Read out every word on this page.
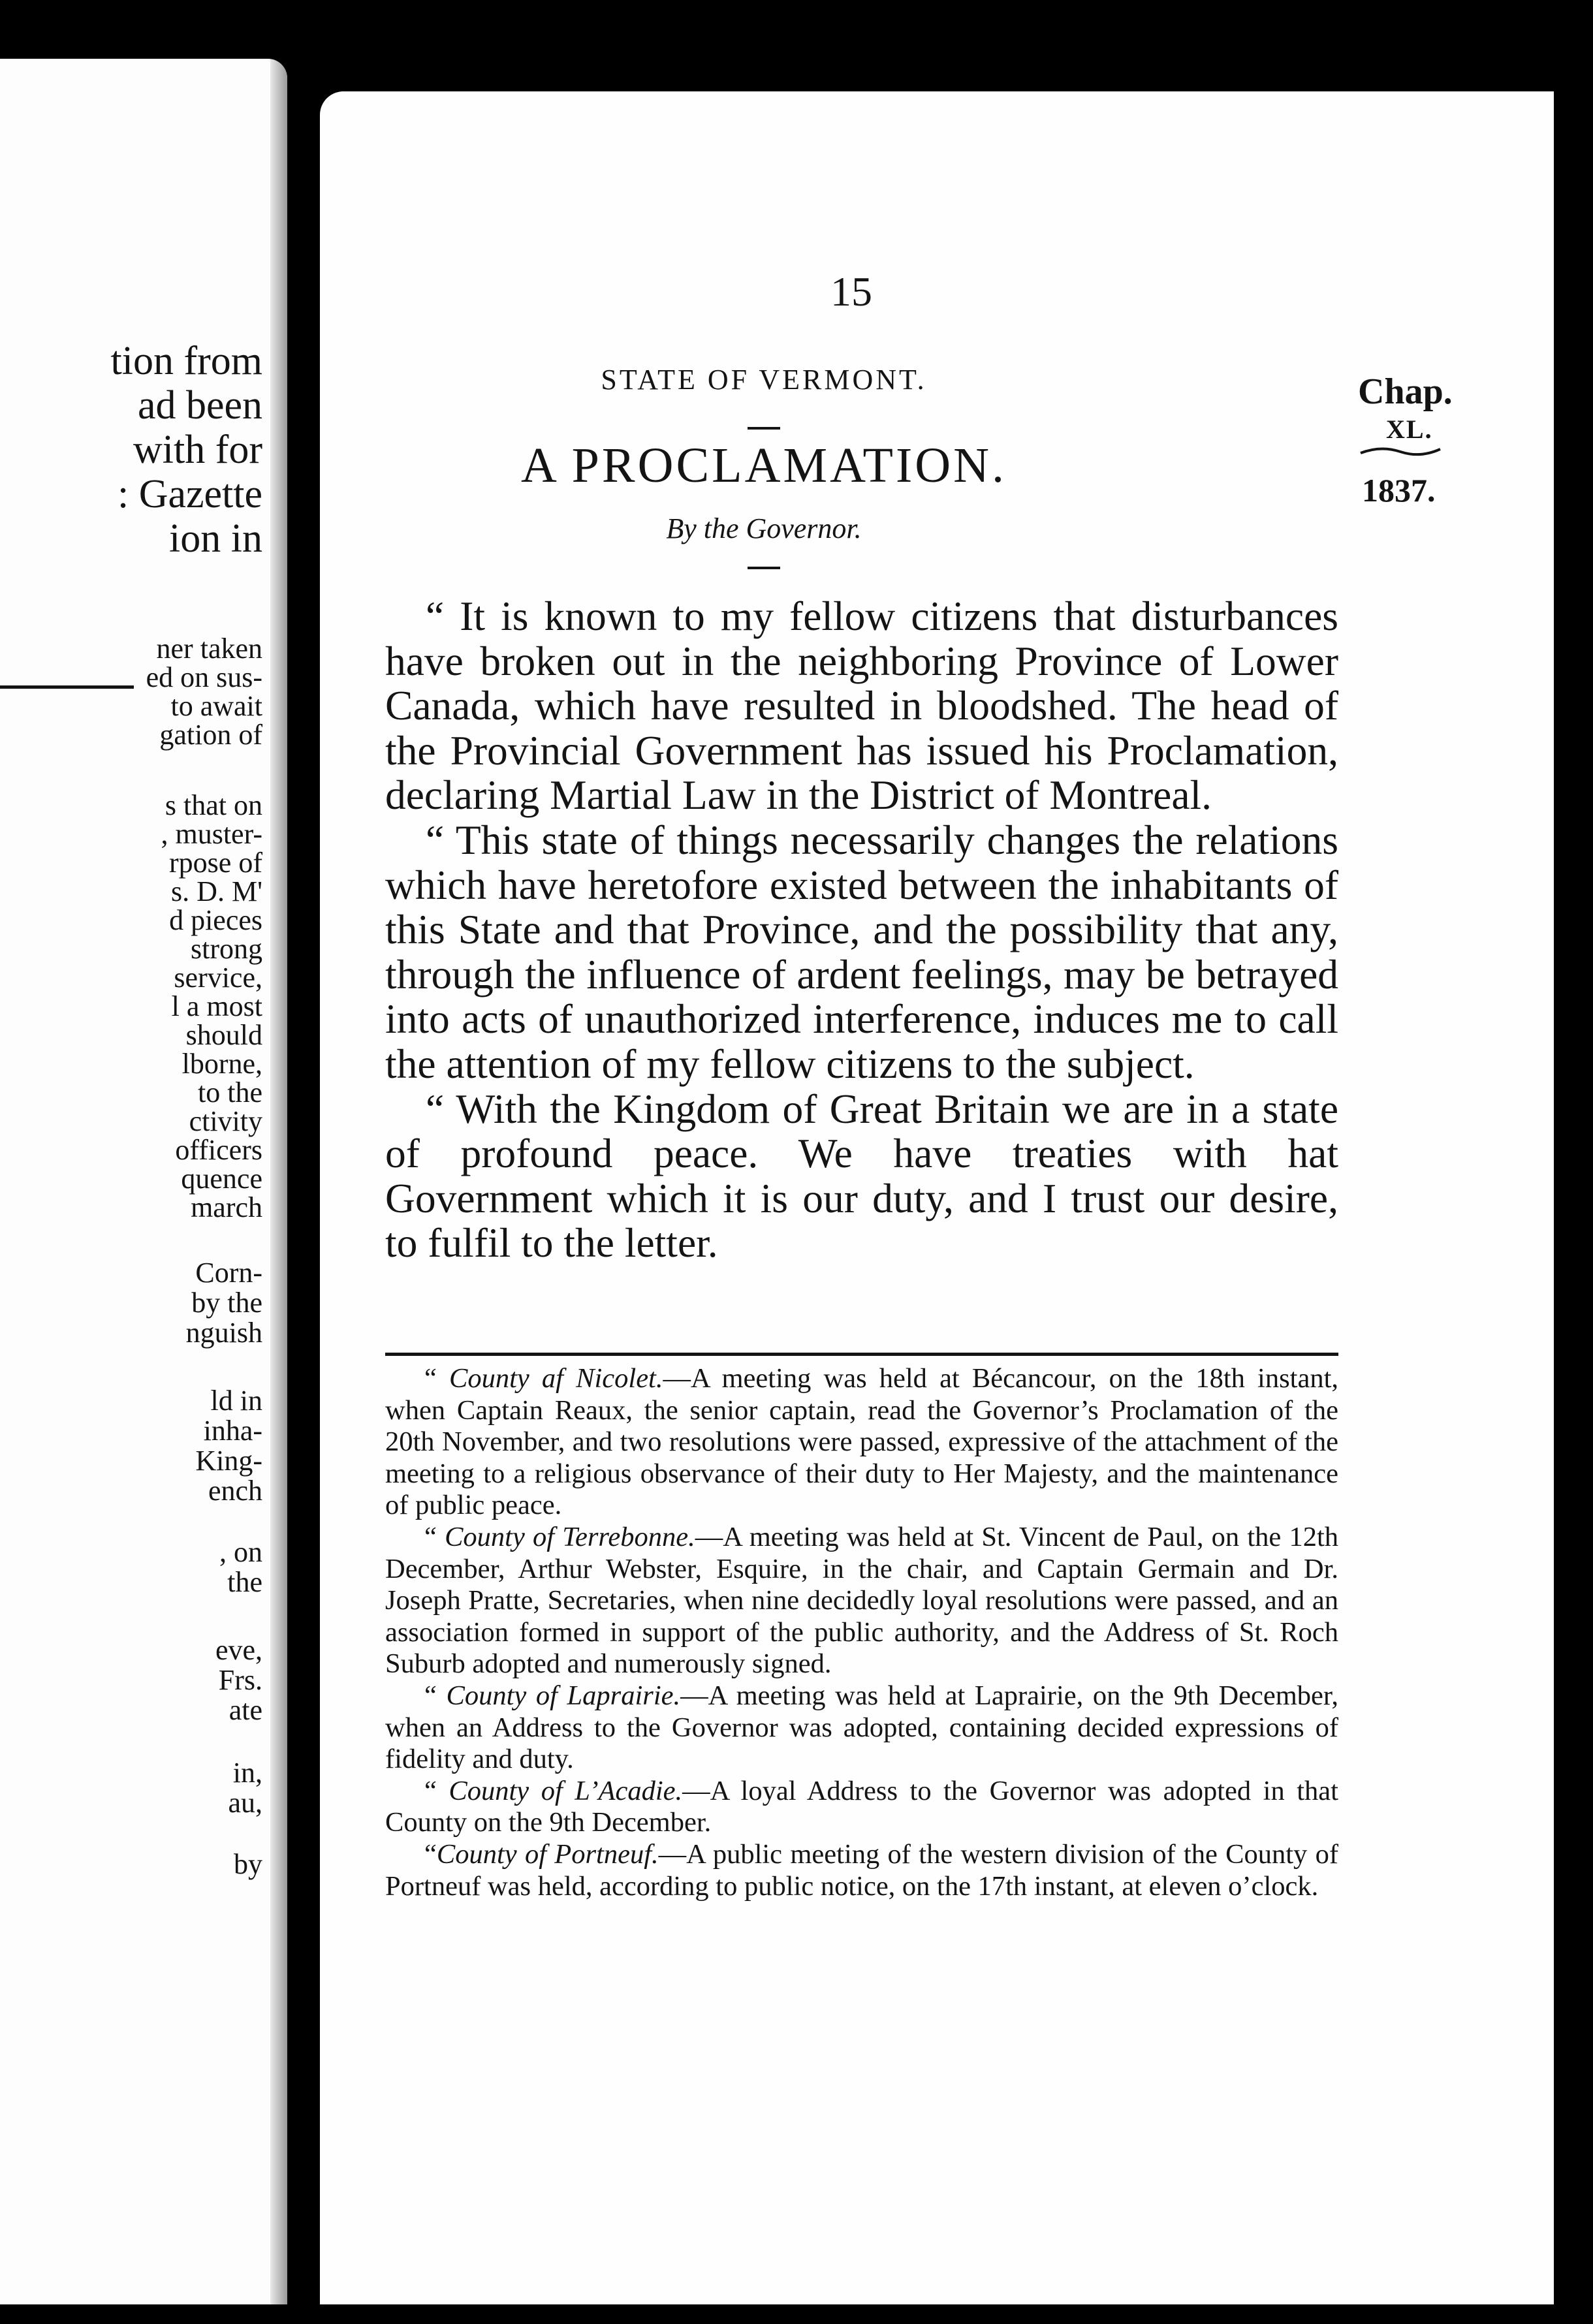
tion from
ad been
with for
: Gazette
ion in
ner taken
ed on sus-
to await
gation of
s that on
, muster-
rpose of
s. D. M'
d pieces
strong
service,
l a most
should
lborne,
to the
ctivity
officers
quence
march
Corn-
by the
nguish
ld in
inha-
King-
ench
, on
the
eve,
Frs.
ate
in,
au,
by
15
STATE OF VERMONT.
A PROCLAMATION.
By the Governor.
Chap.
XL.
1837.

“ It is known to my fellow citizens that disturbances have broken out in the neighboring Province of Lower Canada, which have resulted in bloodshed. The head of the Provincial Government has issued his Proclamation, declaring Martial Law in the District of Montreal.

“ This state of things necessarily changes the relations which have heretofore existed between the inhabitants of this State and that Province, and the possibility that any, through the influence of ardent feelings, may be betrayed into acts of unauthorized interference, induces me to call the attention of my fellow citizens to the subject.

“ With the Kingdom of Great Britain we are in a state of profound peace. We have treaties with hat Government which it is our duty, and I trust our desire, to fulfil to the letter.

“ County af Nicolet.—A meeting was held at Bécancour, on the 18th instant, when Captain Reaux, the senior captain, read the Governor’s Proclamation of the 20th November, and two resolutions were passed, expressive of the attachment of the meeting to a religious observance of their duty to Her Majesty, and the maintenance of public peace.

“ County of Terrebonne.—A meeting was held at St. Vincent de Paul, on the 12th December, Arthur Webster, Esquire, in the chair, and Captain Germain and Dr. Joseph Pratte, Secretaries, when nine decidedly loyal resolutions were passed, and an association formed in support of the public authority, and the Address of St. Roch Suburb adopted and numerously signed.

“ County of Laprairie.—A meeting was held at Laprairie, on the 9th December, when an Address to the Governor was adopted, containing decided expressions of fidelity and duty.

“ County of L’Acadie.—A loyal Address to the Governor was adopted in that County on the 9th December.

“County of Portneuf.—A public meeting of the western division of the County of Portneuf was held, according to public notice, on the 17th instant, at eleven o’clock.
